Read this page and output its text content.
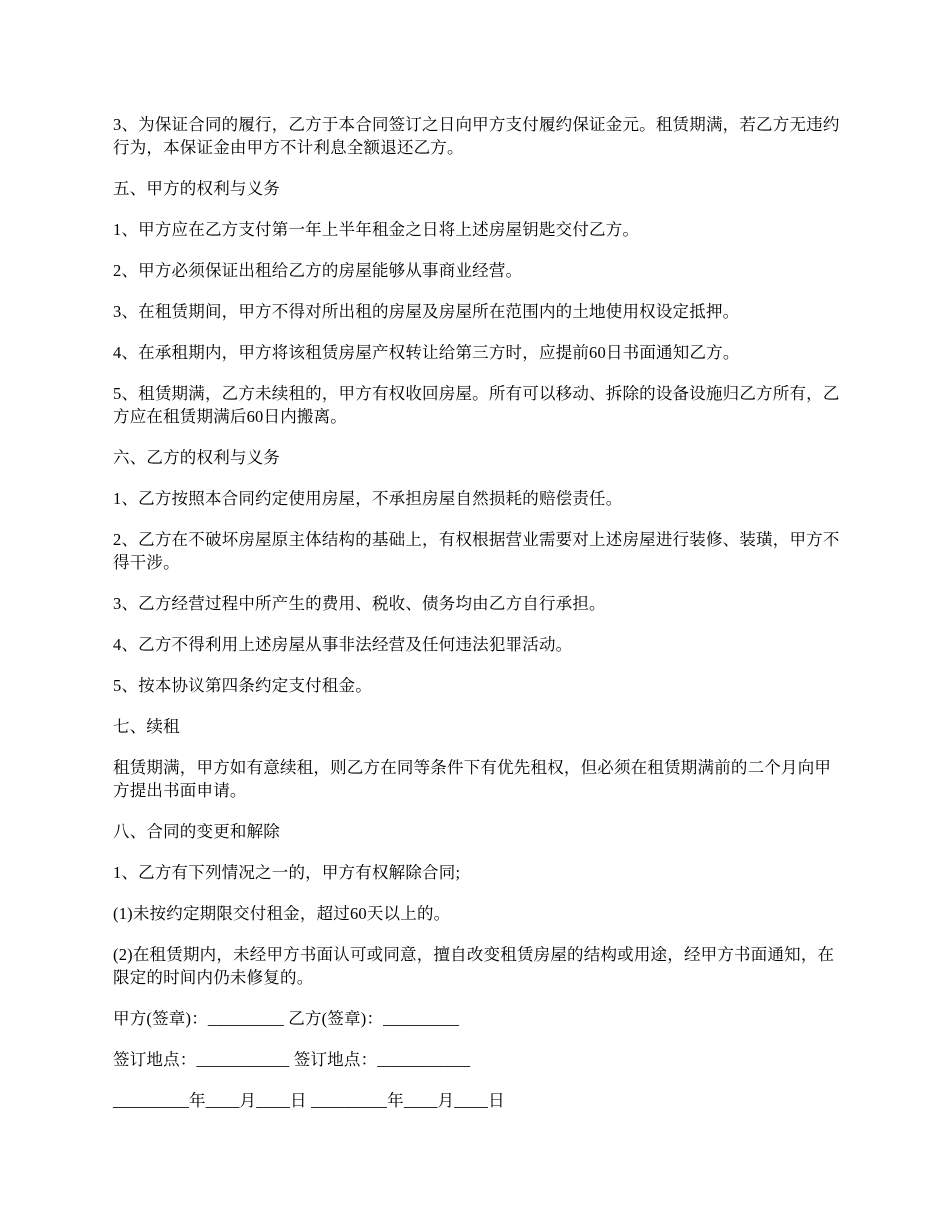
3、为保证合同的履行，乙方于本合同签订之日向甲方支付履约保证金元。租赁期满，若乙方无违约行为，本保证金由甲方不计利息全额退还乙方。

五、甲方的权利与义务

1、甲方应在乙方支付第一年上半年租金之日将上述房屋钥匙交付乙方。

2、甲方必须保证出租给乙方的房屋能够从事商业经营。

3、在租赁期间，甲方不得对所出租的房屋及房屋所在范围内的土地使用权设定抵押。

4、在承租期内，甲方将该租赁房屋产权转让给第三方时，应提前60日书面通知乙方。

5、租赁期满，乙方未续租的，甲方有权收回房屋。所有可以移动、拆除的设备设施归乙方所有，乙方应在租赁期满后60日内搬离。

六、乙方的权利与义务

1、乙方按照本合同约定使用房屋，不承担房屋自然损耗的赔偿责任。

2、乙方在不破坏房屋原主体结构的基础上，有权根据营业需要对上述房屋进行装修、装璜，甲方不得干涉。

3、乙方经营过程中所产生的费用、税收、债务均由乙方自行承担。

4、乙方不得利用上述房屋从事非法经营及任何违法犯罪活动。

5、按本协议第四条约定支付租金。

七、续租

租赁期满，甲方如有意续租，则乙方在同等条件下有优先租权，但必须在租赁期满前的二个月向甲方提出书面申请。

八、合同的变更和解除

1、乙方有下列情况之一的，甲方有权解除合同;

(1)未按约定期限交付租金，超过60天以上的。

(2)在租赁期内，未经甲方书面认可或同意，擅自改变租赁房屋的结构或用途，经甲方书面通知，在限定的时间内仍未修复的。

甲方(签章)：_________ 乙方(签章)：_________

签订地点：___________ 签订地点：___________

_________年____月____日 _________年____月____日
